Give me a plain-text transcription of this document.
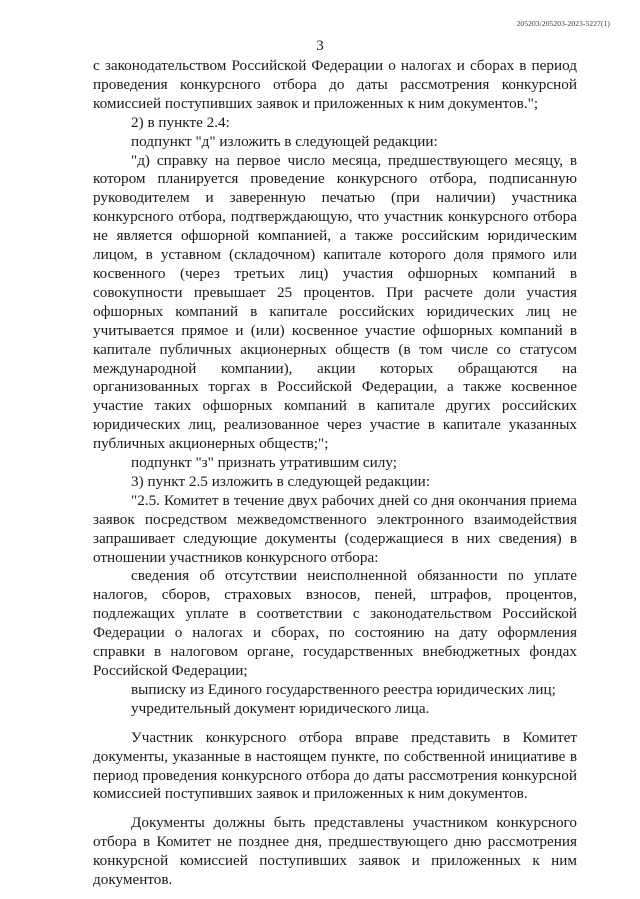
205203/205203-2023-5227(1)
3

с законодательством Российской Федерации о налогах и сборах в период проведения конкурсного отбора до даты рассмотрения конкурсной комиссией поступивших заявок и приложенных к ним документов.";

2) в пункте 2.4:

подпункт "д" изложить в следующей редакции:

"д) справку на первое число месяца, предшествующего месяцу, в котором планируется проведение конкурсного отбора, подписанную руководителем и заверенную печатью (при наличии) участника конкурсного отбора, подтверждающую, что участник конкурсного отбора не является офшорной компанией, а также российским юридическим лицом, в уставном (складочном) капитале которого доля прямого или косвенного (через третьих лиц) участия офшорных компаний в совокупности превышает 25 процентов. При расчете доли участия офшорных компаний в капитале российских юридических лиц не учитывается прямое и (или) косвенное участие офшорных компаний в капитале публичных акционерных обществ (в том числе со статусом международной компании), акции которых обращаются на организованных торгах в Российской Федерации, а также косвенное участие таких офшорных компаний в капитале других российских юридических лиц, реализованное через участие в капитале указанных публичных акционерных обществ;";

подпункт "з" признать утратившим силу;

3) пункт 2.5 изложить в следующей редакции:

"2.5. Комитет в течение двух рабочих дней со дня окончания приема заявок посредством межведомственного электронного взаимодействия запрашивает следующие документы (содержащиеся в них сведения) в отношении участников конкурсного отбора:

сведения об отсутствии неисполненной обязанности по уплате налогов, сборов, страховых взносов, пеней, штрафов, процентов, подлежащих уплате в соответствии с законодательством Российской Федерации о налогах и сборах, по состоянию на дату оформления справки в налоговом органе, государственных внебюджетных фондах Российской Федерации;

выписку из Единого государственного реестра юридических лиц;

учредительный документ юридического лица.

Участник конкурсного отбора вправе представить в Комитет документы, указанные в настоящем пункте, по собственной инициативе в период проведения конкурсного отбора до даты рассмотрения конкурсной комиссией поступивших заявок и приложенных к ним документов.

Документы должны быть представлены участником конкурсного отбора в Комитет не позднее дня, предшествующего дню рассмотрения конкурсной комиссией поступивших заявок и приложенных к ним документов.
